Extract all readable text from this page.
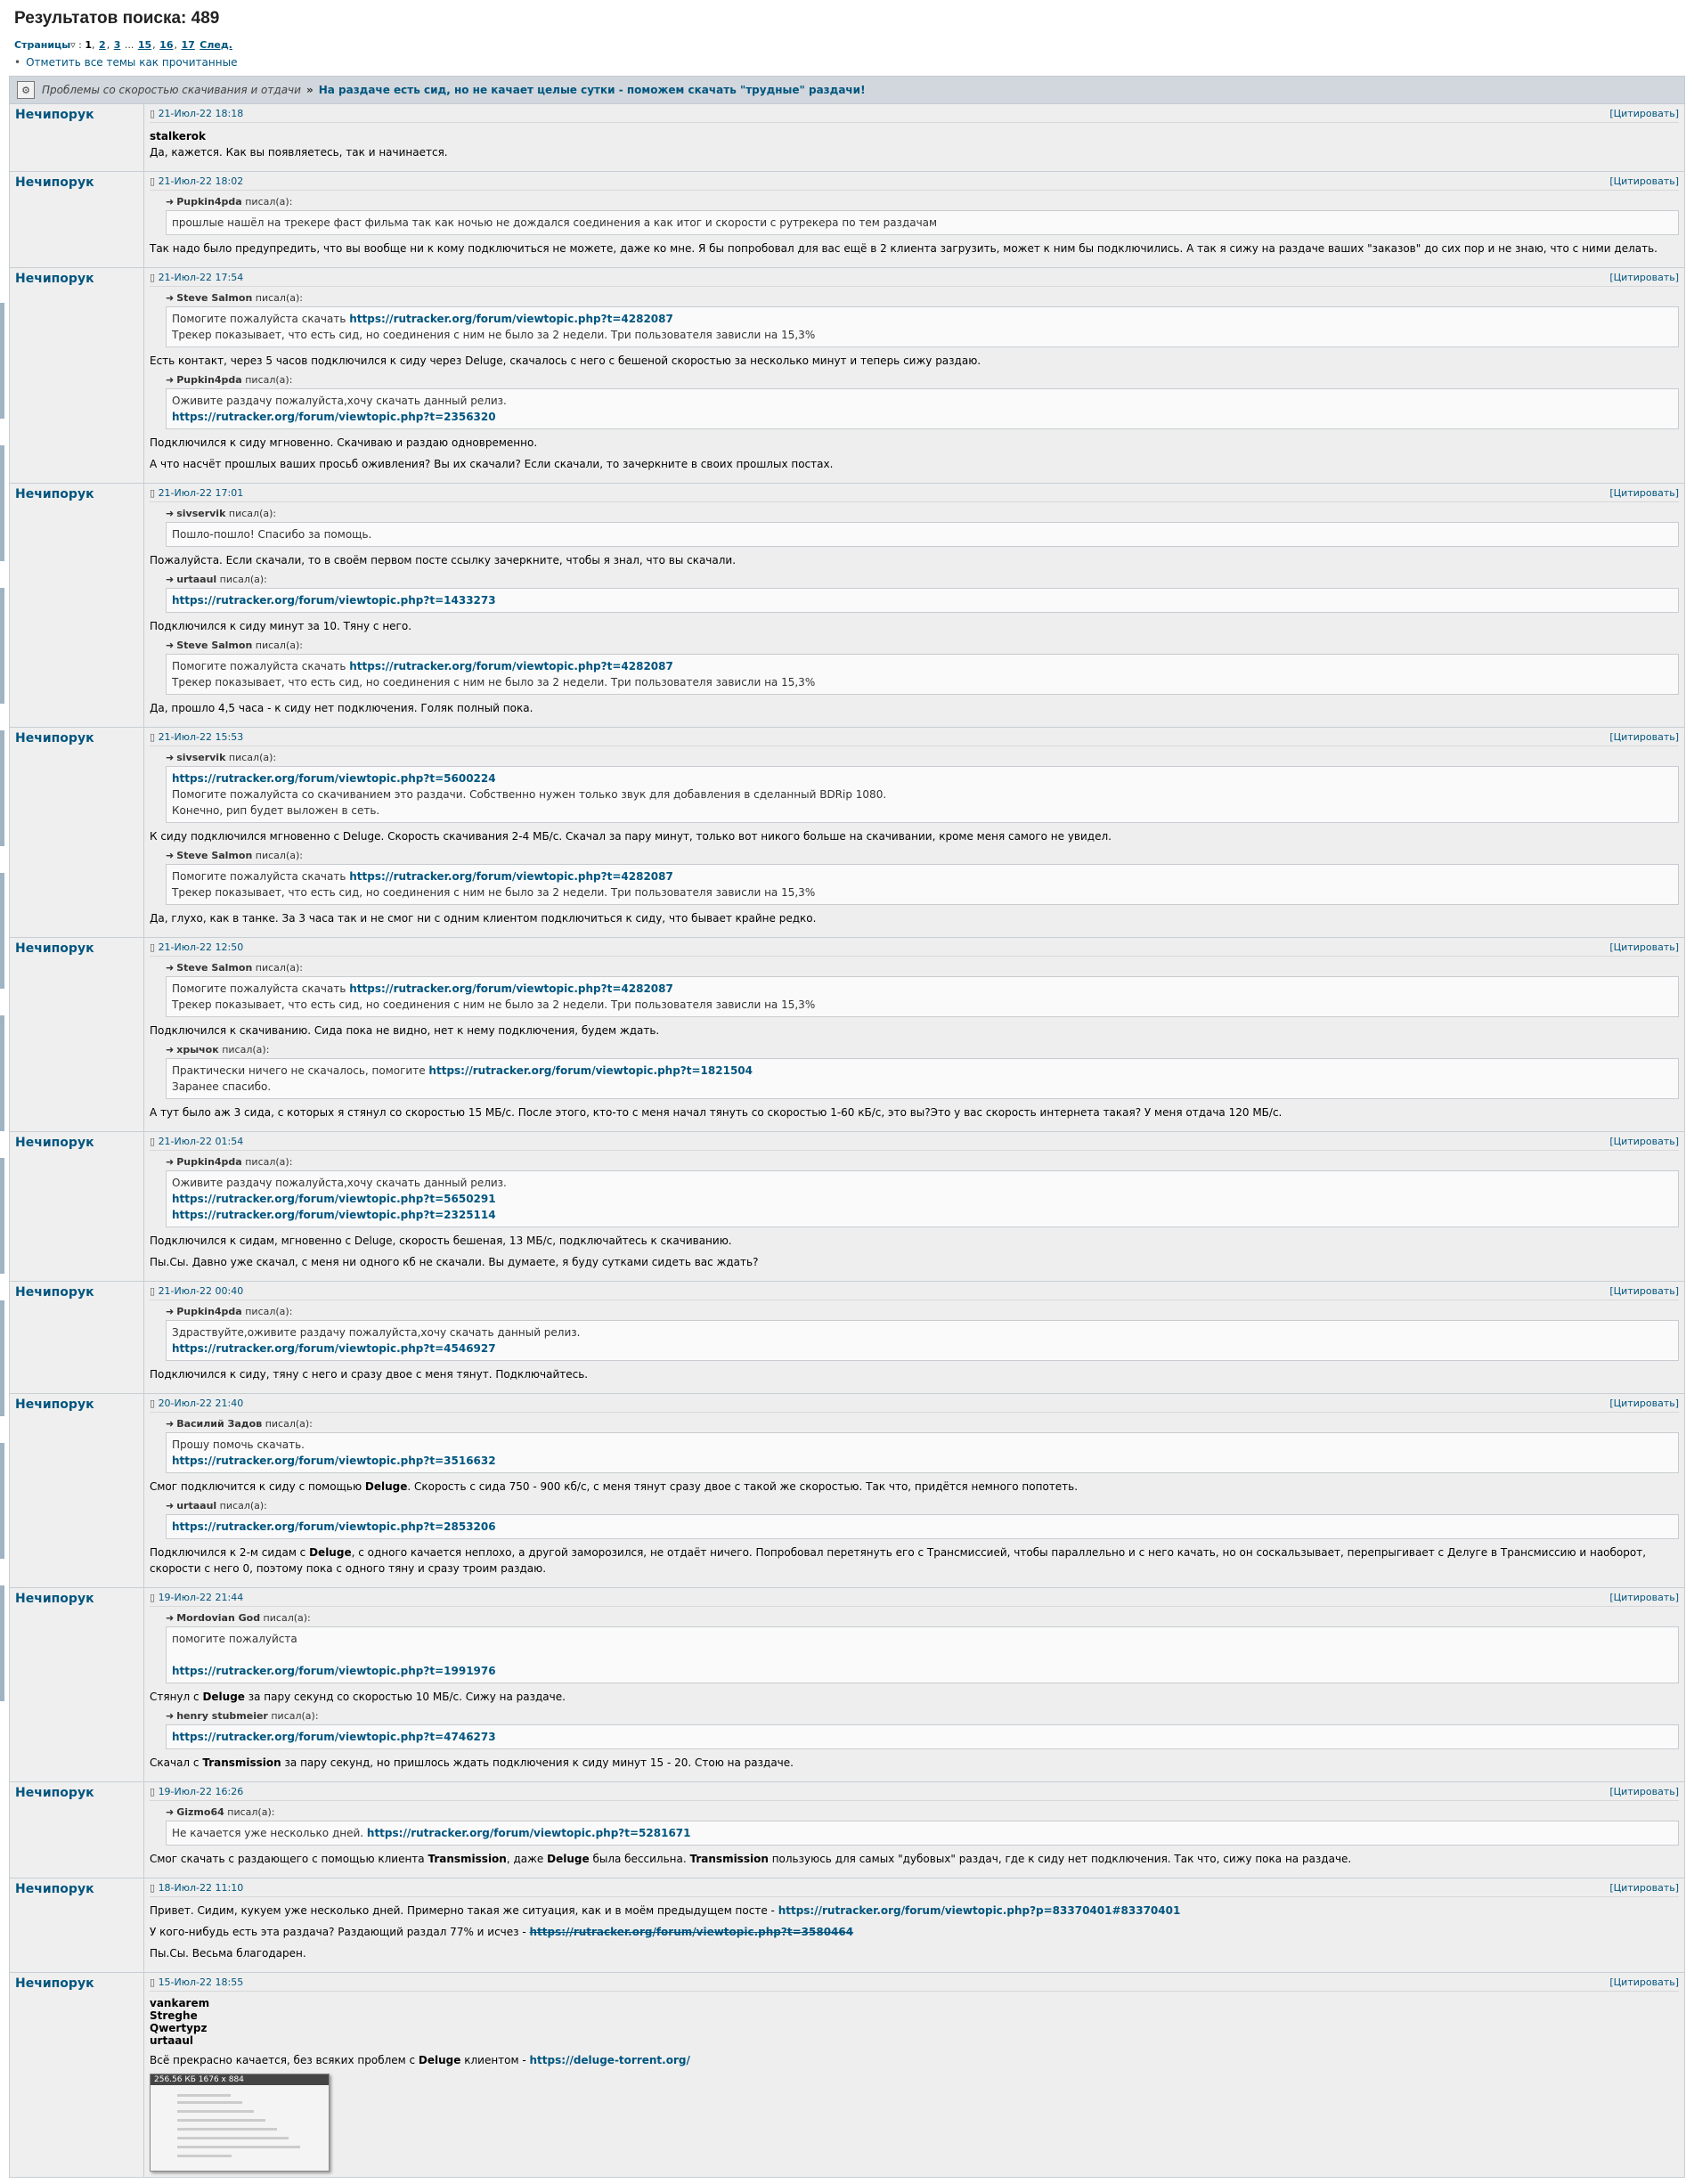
Результатов поиска: 489
Страницы▿ : 1, 2, 3 ... 15, 16, 17 След.
• Отметить все темы как прочитанные
⚙	Проблемы со скоростью скачивания и отдачи » На раздаче есть сид, но не качает целые сутки - поможем скачать "трудные" раздачи!
Нечипорук	▯ 21-Июл-22 18:18	[Цитировать]

stalkerok
Да, кажется. Как вы появляетесь, так и начинается.

Нечипорук	▯ 21-Июл-22 18:02	[Цитировать]
➜ Pupkin4pda писал(а):
прошлые нашёл на трекере фаст фильма так как ночью не дождался соединения а как итог и скорости с рутрекера по тем раздачам

Так надо было предупредить, что вы вообще ни к кому подключиться не можете, даже ко мне. Я бы попробовал для вас ещё в 2 клиента загрузить, может к ним бы подключились. А так я сижу на раздаче ваших "заказов" до сих пор и не знаю, что с ними делать.

Нечипорук	▯ 21-Июл-22 17:54	[Цитировать]
➜ Steve Salmon писал(а):
Помогите пожалуйста скачать https://rutracker.org/forum/viewtopic.php?t=4282087
Трекер показывает, что есть сид, но соединения с ним не было за 2 недели. Три пользователя зависли на 15,3%

Есть контакт, через 5 часов подключился к сиду через Deluge, скачалось с него с бешеной скоростью за несколько минут и теперь сижу раздаю.

➜ Pupkin4pda писал(а):
Оживите раздачу пожалуйста,хочу скачать данный релиз.
https://rutracker.org/forum/viewtopic.php?t=2356320

Подключился к сиду мгновенно. Скачиваю и раздаю одновременно.

А что насчёт прошлых ваших просьб оживления? Вы их скачали? Если скачали, то зачеркните в своих прошлых постах.

Нечипорук	▯ 21-Июл-22 17:01	[Цитировать]
➜ sivservik писал(а):
Пошло-пошло! Спасибо за помощь.

Пожалуйста. Если скачали, то в своём первом посте ссылку зачеркните, чтобы я знал, что вы скачали.

➜ urtaaul писал(а):
https://rutracker.org/forum/viewtopic.php?t=1433273

Подключился к сиду минут за 10. Тяну с него.

➜ Steve Salmon писал(а):
Помогите пожалуйста скачать https://rutracker.org/forum/viewtopic.php?t=4282087
Трекер показывает, что есть сид, но соединения с ним не было за 2 недели. Три пользователя зависли на 15,3%

Да, прошло 4,5 часа - к сиду нет подключения. Голяк полный пока.

Нечипорук	▯ 21-Июл-22 15:53	[Цитировать]
➜ sivservik писал(а):
https://rutracker.org/forum/viewtopic.php?t=5600224
Помогите пожалуйста со скачиванием это раздачи. Собственно нужен только звук для добавления в сделанный BDRip 1080.
Конечно, рип будет выложен в сеть.

К сиду подключился мгновенно с Deluge. Скорость скачивания 2-4 МБ/с. Скачал за пару минут, только вот никого больше на скачивании, кроме меня самого не увидел.

➜ Steve Salmon писал(а):
Помогите пожалуйста скачать https://rutracker.org/forum/viewtopic.php?t=4282087
Трекер показывает, что есть сид, но соединения с ним не было за 2 недели. Три пользователя зависли на 15,3%

Да, глухо, как в танке. За 3 часа так и не смог ни с одним клиентом подключиться к сиду, что бывает крайне редко.

Нечипорук	▯ 21-Июл-22 12:50	[Цитировать]
➜ Steve Salmon писал(а):
Помогите пожалуйста скачать https://rutracker.org/forum/viewtopic.php?t=4282087
Трекер показывает, что есть сид, но соединения с ним не было за 2 недели. Три пользователя зависли на 15,3%

Подключился к скачиванию. Сида пока не видно, нет к нему подключения, будем ждать.

➜ хрычок писал(а):
Практически ничего не скачалось, помогите https://rutracker.org/forum/viewtopic.php?t=1821504
Заранее спасибо.

А тут было аж 3 сида, с которых я стянул со скоростью 15 МБ/с. После этого, кто-то с меня начал тянуть со скоростью 1-60 кБ/с, это вы?Это у вас скорость интернета такая? У меня отдача 120 МБ/с.

Нечипорук	▯ 21-Июл-22 01:54	[Цитировать]
➜ Pupkin4pda писал(а):
Оживите раздачу пожалуйста,хочу скачать данный релиз.
https://rutracker.org/forum/viewtopic.php?t=5650291
https://rutracker.org/forum/viewtopic.php?t=2325114

Подключился к сидам, мгновенно с Deluge, скорость бешеная, 13 МБ/с, подключайтесь к скачиванию.

Пы.Сы. Давно уже скачал, с меня ни одного кб не скачали. Вы думаете, я буду сутками сидеть вас ждать?

Нечипорук	▯ 21-Июл-22 00:40	[Цитировать]
➜ Pupkin4pda писал(а):
Здраствуйте,оживите раздачу пожалуйста,хочу скачать данный релиз.
https://rutracker.org/forum/viewtopic.php?t=4546927

Подключился к сиду, тяну с него и сразу двое с меня тянут. Подключайтесь.

Нечипорук	▯ 20-Июл-22 21:40	[Цитировать]
➜ Василий Задов писал(а):
Прошу помочь скачать.
https://rutracker.org/forum/viewtopic.php?t=3516632

Смог подключится к сиду с помощью Deluge. Скорость с сида 750 - 900 кб/с, с меня тянут сразу двое с такой же скоростью. Так что, придётся немного попотеть.

➜ urtaaul писал(а):
https://rutracker.org/forum/viewtopic.php?t=2853206

Подключился к 2-м сидам с Deluge, с одного качается неплохо, а другой заморозился, не отдаёт ничего. Попробовал перетянуть его с Трансмиссией, чтобы параллельно и с него качать, но он соскальзывает, перепрыгивает с Делуге в Трансмиссию и наоборот, скорости с него 0, поэтому пока с одного тяну и сразу троим раздаю.

Нечипорук	▯ 19-Июл-22 21:44	[Цитировать]
➜ Mordovian God писал(а):
помогите пожалуйста

https://rutracker.org/forum/viewtopic.php?t=1991976

Стянул с Deluge за пару секунд со скоростью 10 МБ/с. Сижу на раздаче.

➜ henry stubmeier писал(а):
https://rutracker.org/forum/viewtopic.php?t=4746273

Скачал с Transmission за пару секунд, но пришлось ждать подключения к сиду минут 15 - 20. Стою на раздаче.

Нечипорук	▯ 19-Июл-22 16:26	[Цитировать]
➜ Gizmo64 писал(а):
Не качается уже несколько дней. https://rutracker.org/forum/viewtopic.php?t=5281671

Смог скачать с раздающего с помощью клиента Transmission, даже Deluge была бессильна. Transmission пользуюсь для самых "дубовых" раздач, где к сиду нет подключения. Так что, сижу пока на раздаче.

Нечипорук	▯ 18-Июл-22 11:10	[Цитировать]

Привет. Сидим, кукуем уже несколько дней. Примерно такая же ситуация, как и в моём предыдущем посте - https://rutracker.org/forum/viewtopic.php?p=83370401#83370401

У кого-нибудь есть эта раздача? Раздающий раздал 77% и исчез - https://rutracker.org/forum/viewtopic.php?t=3580464

Пы.Сы. Весьма благодарен.

Нечипорук	▯ 15-Июл-22 18:55	[Цитировать]
vankarem
Streghe
Qwertypz
urtaaul

Всё прекрасно качается, без всяких проблем с Deluge клиентом - https://deluge-torrent.org/

256.56 КБ 1676 x 884
